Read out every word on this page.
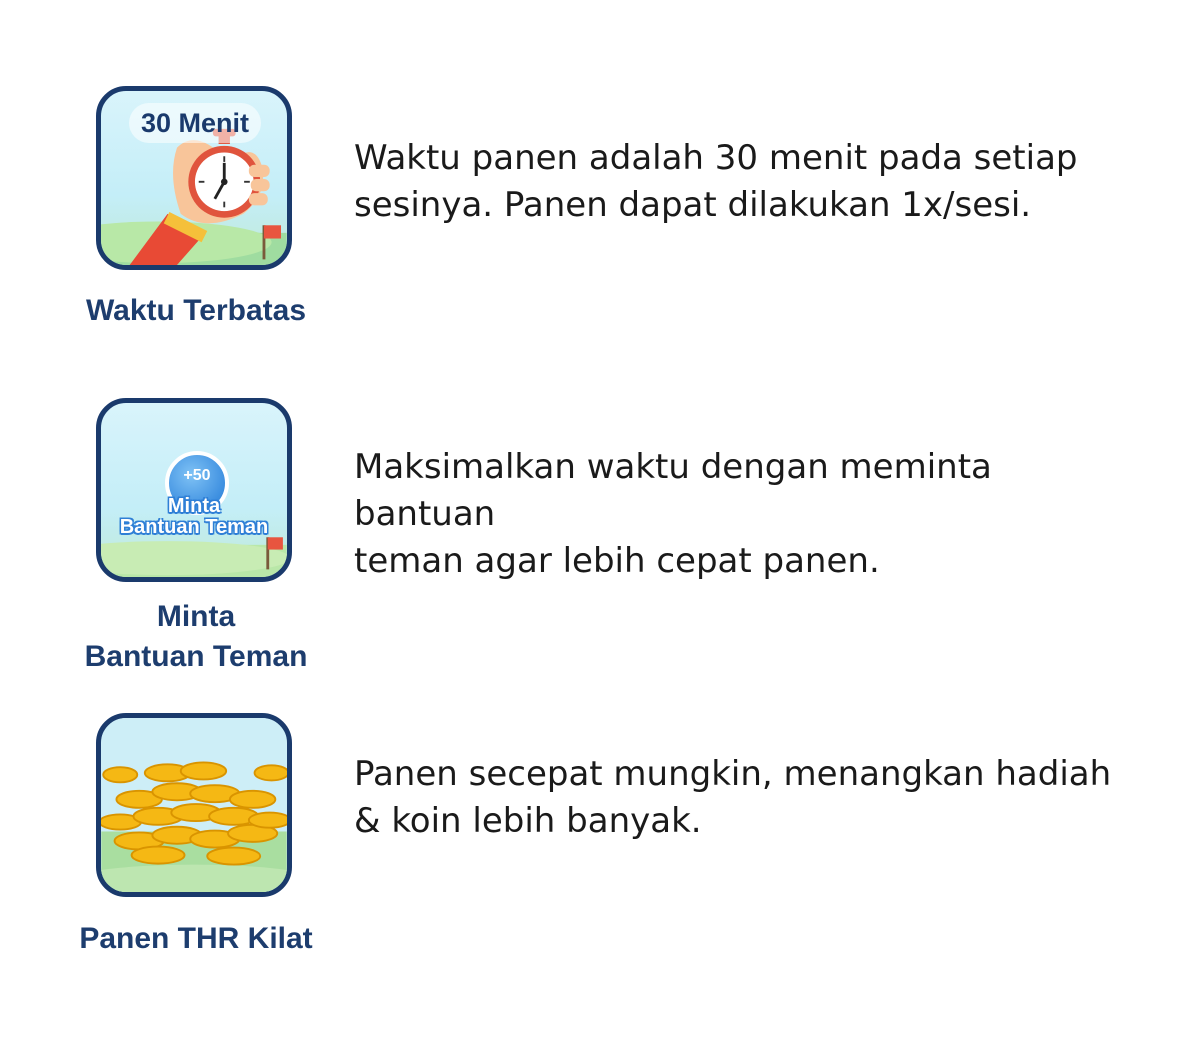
30 Menit
Waktu Terbatas
Waktu panen adalah 30 menit pada setiap
sesinya. Panen dapat dilakukan 1x/sesi.
+50
Minta
Bantuan Teman
Minta
Bantuan Teman
Maksimalkan waktu dengan meminta bantuan
teman agar lebih cepat panen.
Panen THR Kilat
Panen secepat mungkin, menangkan hadiah
& koin lebih banyak.
